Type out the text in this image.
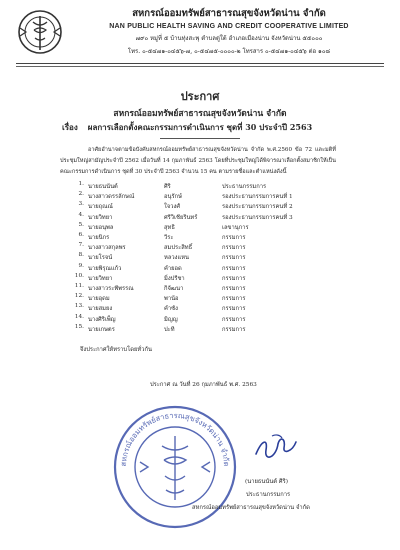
สหกรณ์ออมทรัพย์สาธารณสุขจังหวัดน่าน จำกัด
NAN PUBLIC HEALTH SAVING AND CREDIT COOPERATIVE LIMITED
๗๙๐ หมู่ที่ ๕ บ้านทุ่งสะพุ ตำบลดู่ใต้ อำเภอเมืองน่าน จังหวัดน่าน ๕๕๐๐๐
โทร. ๐-๕๔๗๑-๐๔๕๖-๗, ๐-๕๔๗๕-๐๐๐๐-๒ โทรสาร ๐-๕๔๗๑-๐๔๕๖ ต่อ ๑๐๘
ประกาศ
สหกรณ์ออมทรัพย์สาธารณสุขจังหวัดน่าน จำกัด
เรื่อง ผลการเลือกตั้งคณะกรรมการดำเนินการ ชุดที่ 30 ประจำปี 2563
อาศัยอำนาจตามข้อบังคับสหกรณ์ออมทรัพย์สาธารณสุขจังหวัดน่าน จำกัด พ.ศ.2560 ข้อ 72 และมติที่ประชุมใหญ่สามัญประจำปี 2562 เมื่อวันที่ 14 กุมภาพันธ์ 2563 โดยที่ประชุมใหญ่ได้พิจารณาเลือกตั้งสมาชิกให้เป็นคณะกรรมการดำเนินการ ชุดที่ 30 ประจำปี 2563 จำนวน 15 คน ตามรายชื่อและตำแหน่งดังนี้
1. นายธนนันต์	ศิริ	ประธานกรรมการ
2. นางสาวดรรลักษณ์	อนุรักษ์	รองประธานกรรมการคนที่ 1
3. นายถุณณ์	ใจวงศ์	รองประธานกรรมการคนที่ 2
4. นายวิทยา	ศรีวิเชียรินทร์	รองประธานกรรมการคนที่ 3
5. นายอนุพล	สุทธิ	เลขานุการ
6. นายนิกร	วีระ	กรรมการ
7. นางสาวสกุลพร	สมประสิทธิ์	กรรมการ
8. นายโรจน์	หลวงแหน	กรรมการ
9. นายพิรุณแก้ว	คำยอด	กรรมการ
10. นายวิทยา	มิ่งปรีชา	กรรมการ
11. นางสาวระพีพรรณ	กิจัฒนา	กรรมการ
12. นายอุดม	พาน้อ	กรรมการ
13. นายสมยง	คำซัง	กรรมการ
14. นางศิริเพ็ญ	มิญญ	กรรมการ
15. นายเกษตร	ปะทิ	กรรมการ
จึงประกาศให้ทราบโดยทั่วกัน
ประกาศ ณ วันที่ 26 กุมภาพันธ์ พ.ศ. 2563
สหกรณ์ออมทรัพย์สาธารณสุขจังหวัดน่าน จำกัด
(นายธนนันต์ ศิริ)
ประธานกรรมการ
สหกรณ์ออมทรัพย์สาธารณสุขจังหวัดน่าน จำกัด
